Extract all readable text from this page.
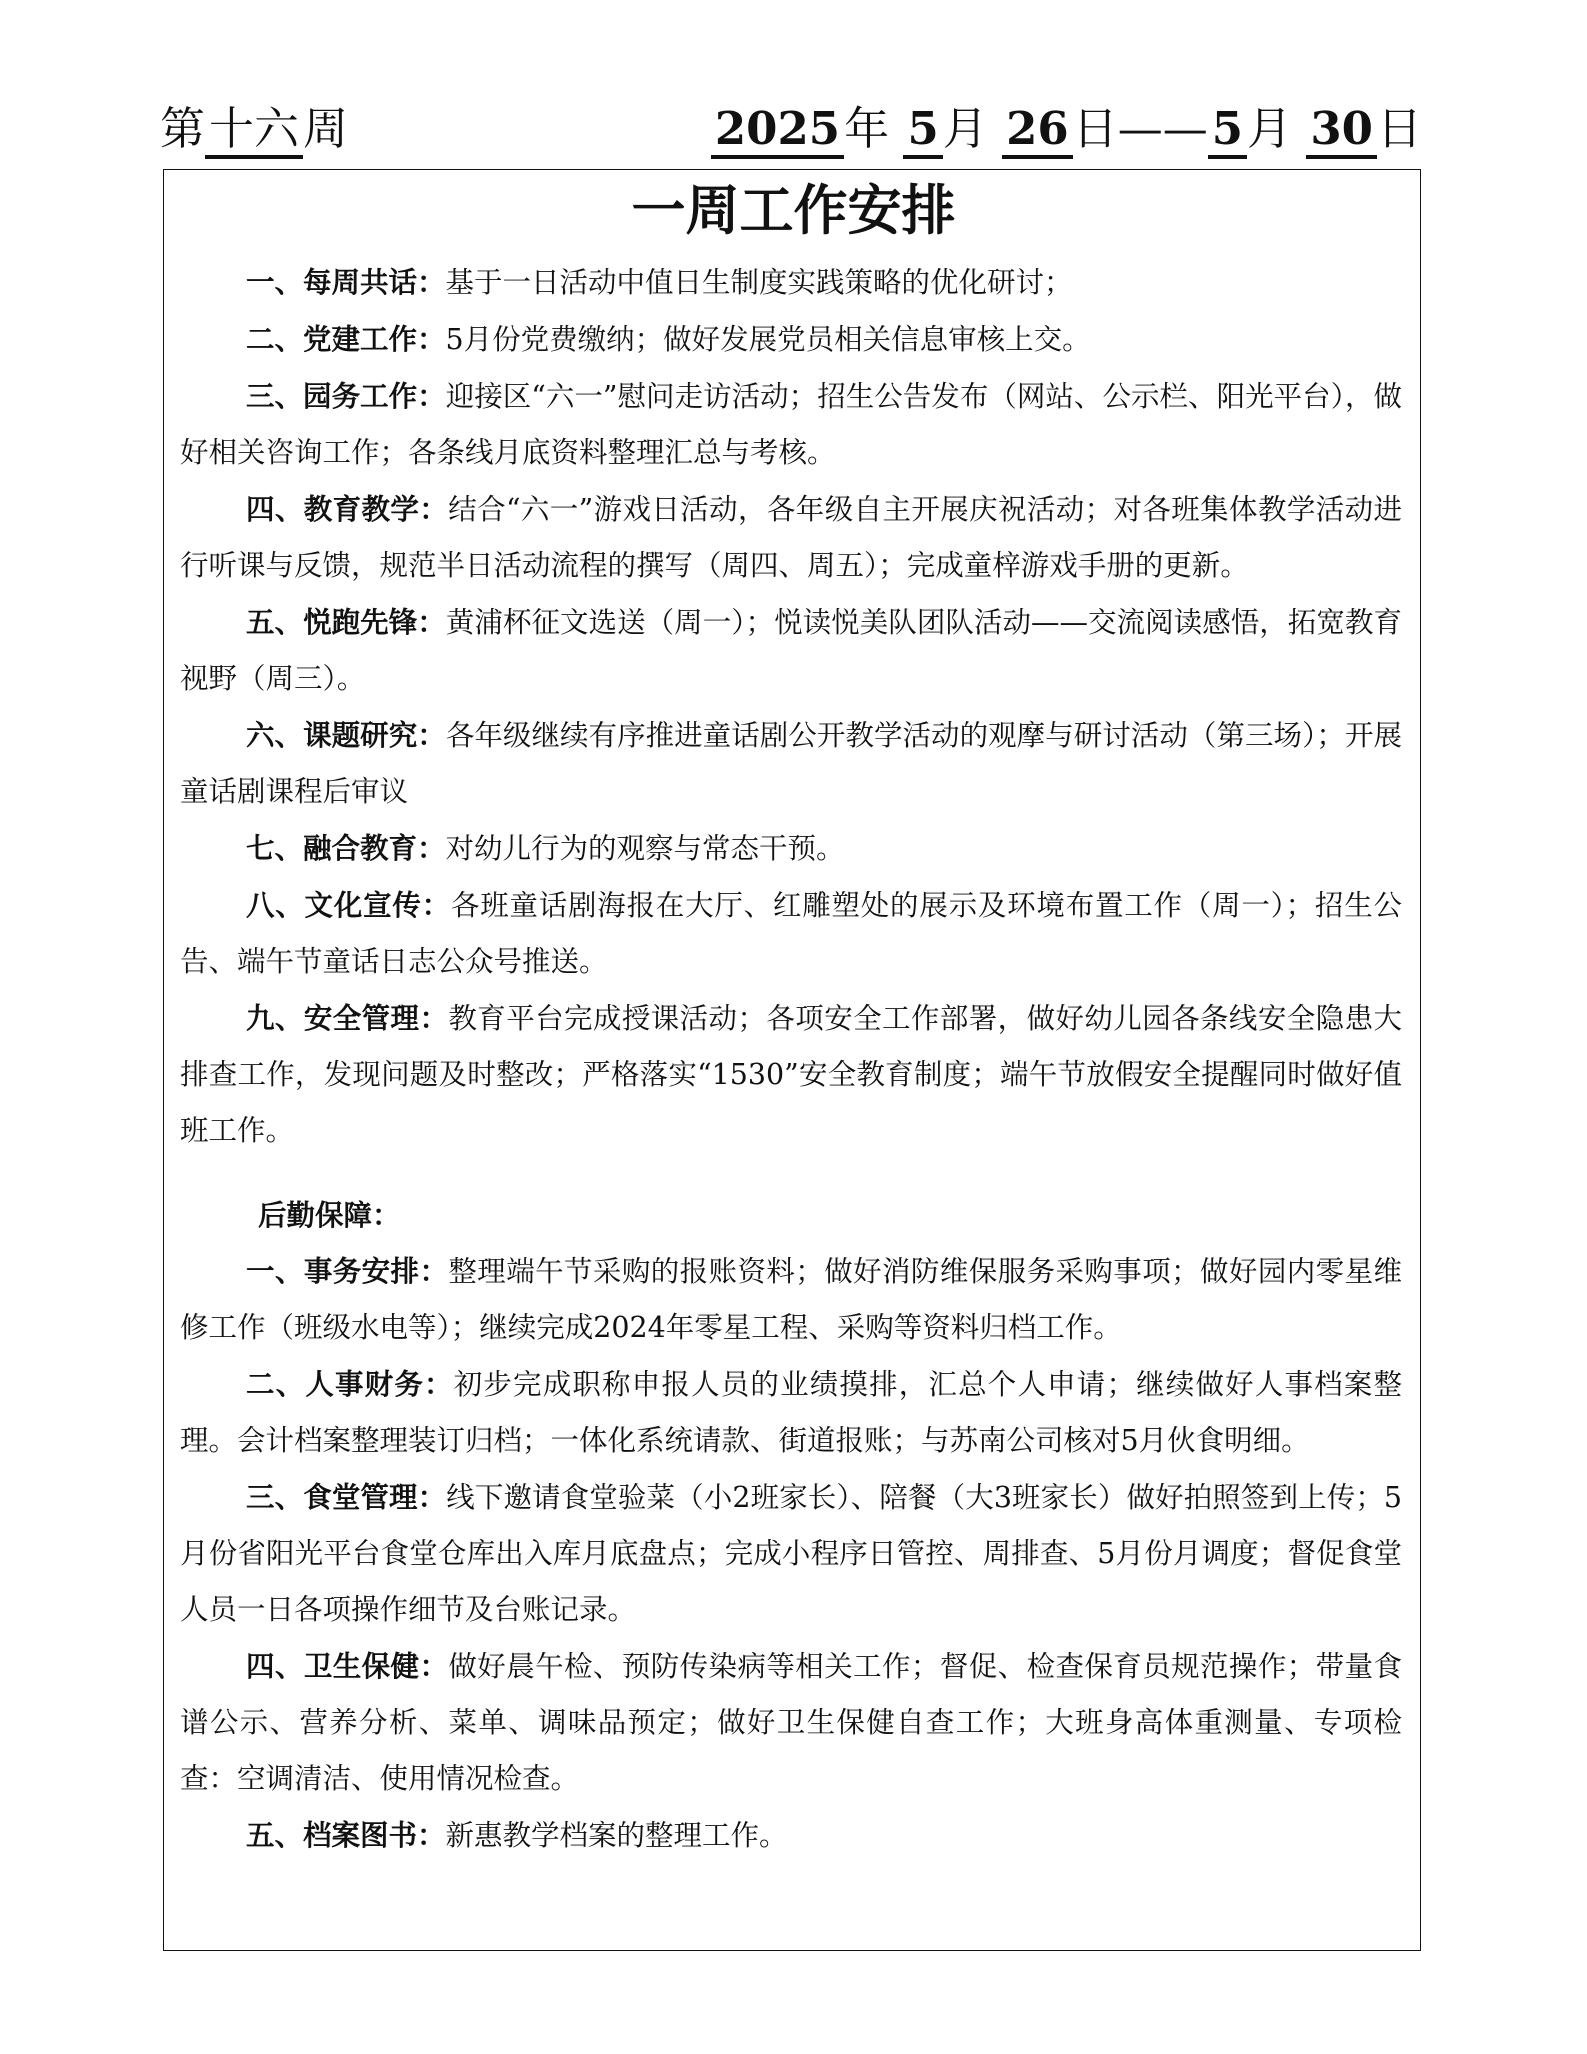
第十六周	2025年 5月 26日——5月 30日
一周工作安排

一、每周共话：基于一日活动中值日生制度实践策略的优化研讨；

二、党建工作：5月份党费缴纳；做好发展党员相关信息审核上交。

三、园务工作：迎接区“六一”慰问走访活动；招生公告发布（网站、公示栏、阳光平台），做好相关咨询工作；各条线月底资料整理汇总与考核。

四、教育教学：结合“六一”游戏日活动，各年级自主开展庆祝活动；对各班集体教学活动进行听课与反馈，规范半日活动流程的撰写（周四、周五）；完成童梓游戏手册的更新。

五、悦跑先锋：黄浦杯征文选送（周一）；悦读悦美队团队活动——交流阅读感悟，拓宽教育视野（周三）。

六、课题研究：各年级继续有序推进童话剧公开教学活动的观摩与研讨活动（第三场）；开展童话剧课程后审议

七、融合教育：对幼儿行为的观察与常态干预。

八、文化宣传：各班童话剧海报在大厅、红雕塑处的展示及环境布置工作（周一）；招生公告、端午节童话日志公众号推送。

九、安全管理：教育平台完成授课活动；各项安全工作部署，做好幼儿园各条线安全隐患大排查工作，发现问题及时整改；严格落实“1530”安全教育制度；端午节放假安全提醒同时做好值班工作。

后勤保障：

一、事务安排：整理端午节采购的报账资料；做好消防维保服务采购事项；做好园内零星维修工作（班级水电等）；继续完成2024年零星工程、采购等资料归档工作。

二、人事财务：初步完成职称申报人员的业绩摸排，汇总个人申请；继续做好人事档案整理。会计档案整理装订归档；一体化系统请款、街道报账；与苏南公司核对5月伙食明细。

三、食堂管理：线下邀请食堂验菜（小2班家长）、陪餐（大3班家长）做好拍照签到上传；5月份省阳光平台食堂仓库出入库月底盘点；完成小程序日管控、周排查、5月份月调度；督促食堂人员一日各项操作细节及台账记录。

四、卫生保健：做好晨午检、预防传染病等相关工作；督促、检查保育员规范操作；带量食谱公示、营养分析、菜单、调味品预定；做好卫生保健自查工作；大班身高体重测量、专项检查：空调清洁、使用情况检查。

五、档案图书：新惠教学档案的整理工作。
